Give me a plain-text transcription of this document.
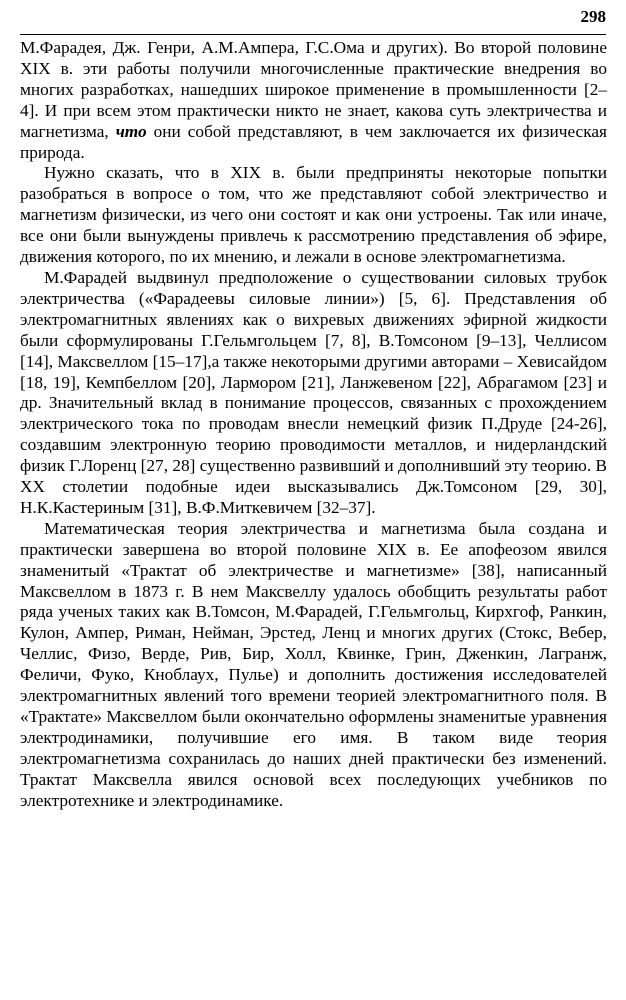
298

М.Фарадея, Дж. Генри, А.М.Ампера, Г.С.Ома и других). Во второй половине XIX в. эти работы получили многочисленные практические внедрения во многих разработках, нашедших широкое применение в промышленности [2–4]. И при всем этом практически никто не знает, какова суть электричества и магнетизма, что они собой представляют, в чем заключается их физическая природа.

Нужно сказать, что в XIX в. были предприняты некоторые попытки разобраться в вопросе о том, что же представляют собой электричество и магнетизм физически, из чего они состоят и как они устроены. Так или иначе, все они были вынуждены привлечь к рассмотрению представления об эфире, движения которого, по их мнению, и лежали в основе электромагнетизма.

М.Фарадей выдвинул предположение о существовании силовых трубок электричества («Фарадеевы силовые линии») [5, 6]. Представления об электромагнитных явлениях как о вихревых движениях эфирной жидкости были сформулированы Г.Гельмгольцем [7, 8], В.Томсоном [9–13], Челлисом [14], Максвеллом [15–17],а также некоторыми другими авторами – Хевисайдом [18, 19], Кемпбеллом [20], Лармором [21], Ланжевеном [22], Абрагамом [23] и др. Значительный вклад в понимание процессов, связанных с прохождением электрического тока по проводам внесли немецкий физик П.Друде [24-26], создавшим электронную теорию проводимости металлов, и нидерландский физик Г.Лоренц [27, 28] существенно развивший и дополнивший эту теорию. В XX столетии подобные идеи высказывались Дж.Томсоном [29, 30], Н.К.Кастериным [31], В.Ф.Миткевичем [32–37].

Математическая теория электричества и магнетизма была создана и практически завершена во второй половине XIX в. Ее апофеозом явился знаменитый «Трактат об электричестве и магнетизме» [38], написанный Максвеллом в 1873 г. В нем Максвеллу удалось обобщить результаты работ ряда ученых таких как В.Томсон, М.Фарадей, Г.Гельмгольц, Кирхгоф, Ранкин, Кулон, Ампер, Риман, Нейман, Эрстед, Ленц и многих других (Стокс, Вебер, Челлис, Физо, Верде, Рив, Бир, Холл, Квинке, Грин, Дженкин, Лагранж, Феличи, Фуко, Кноблаух, Пулье) и дополнить достижения исследователей электромагнитных явлений того времени теорией электромагнитного поля. В «Трактате» Максвеллом были окончательно оформлены знаменитые уравнения электродинамики, получившие его имя. В таком виде теория электромагнетизма сохранилась до наших дней практически без изменений. Трактат Максвелла явился основой всех последующих учебников по электротехнике и электродинамике.
